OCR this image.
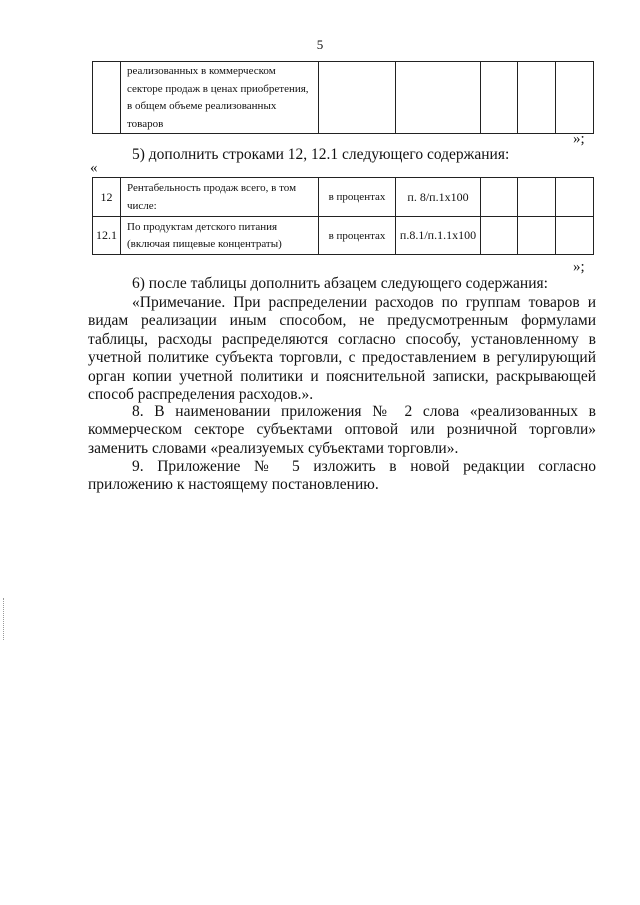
5

реализованных в коммерческом секторе продаж в ценах приобретения, в общем объеме реализованных товаров

»;
5) дополнить строками 12, 12.1 следующего содержания:
«
12	Рентабельность продаж всего, в том числе:	в процентах	п. 8/п.1х100			
12.1	По продуктам детского питания (включая пищевые концентраты)	в процентах	п.8.1/п.1.1х100			
»;
6) после таблицы дополнить абзацем следующего содержания:
«Примечание. При распределении расходов по группам товаров и видам реализации иным способом, не предусмотренным формулами таблицы, расходы распределяются согласно способу, установленному в учетной политике субъекта торговли, с предоставлением в регулирующий орган копии учетной политики и пояснительной записки, раскрывающей способ распределения расходов.».
8. В наименовании приложения № 2 слова «реализованных в коммерческом секторе субъектами оптовой или розничной торговли» заменить словами «реализуемых субъектами торговли».
9. Приложение № 5 изложить в новой редакции согласно приложению к настоящему постановлению.
